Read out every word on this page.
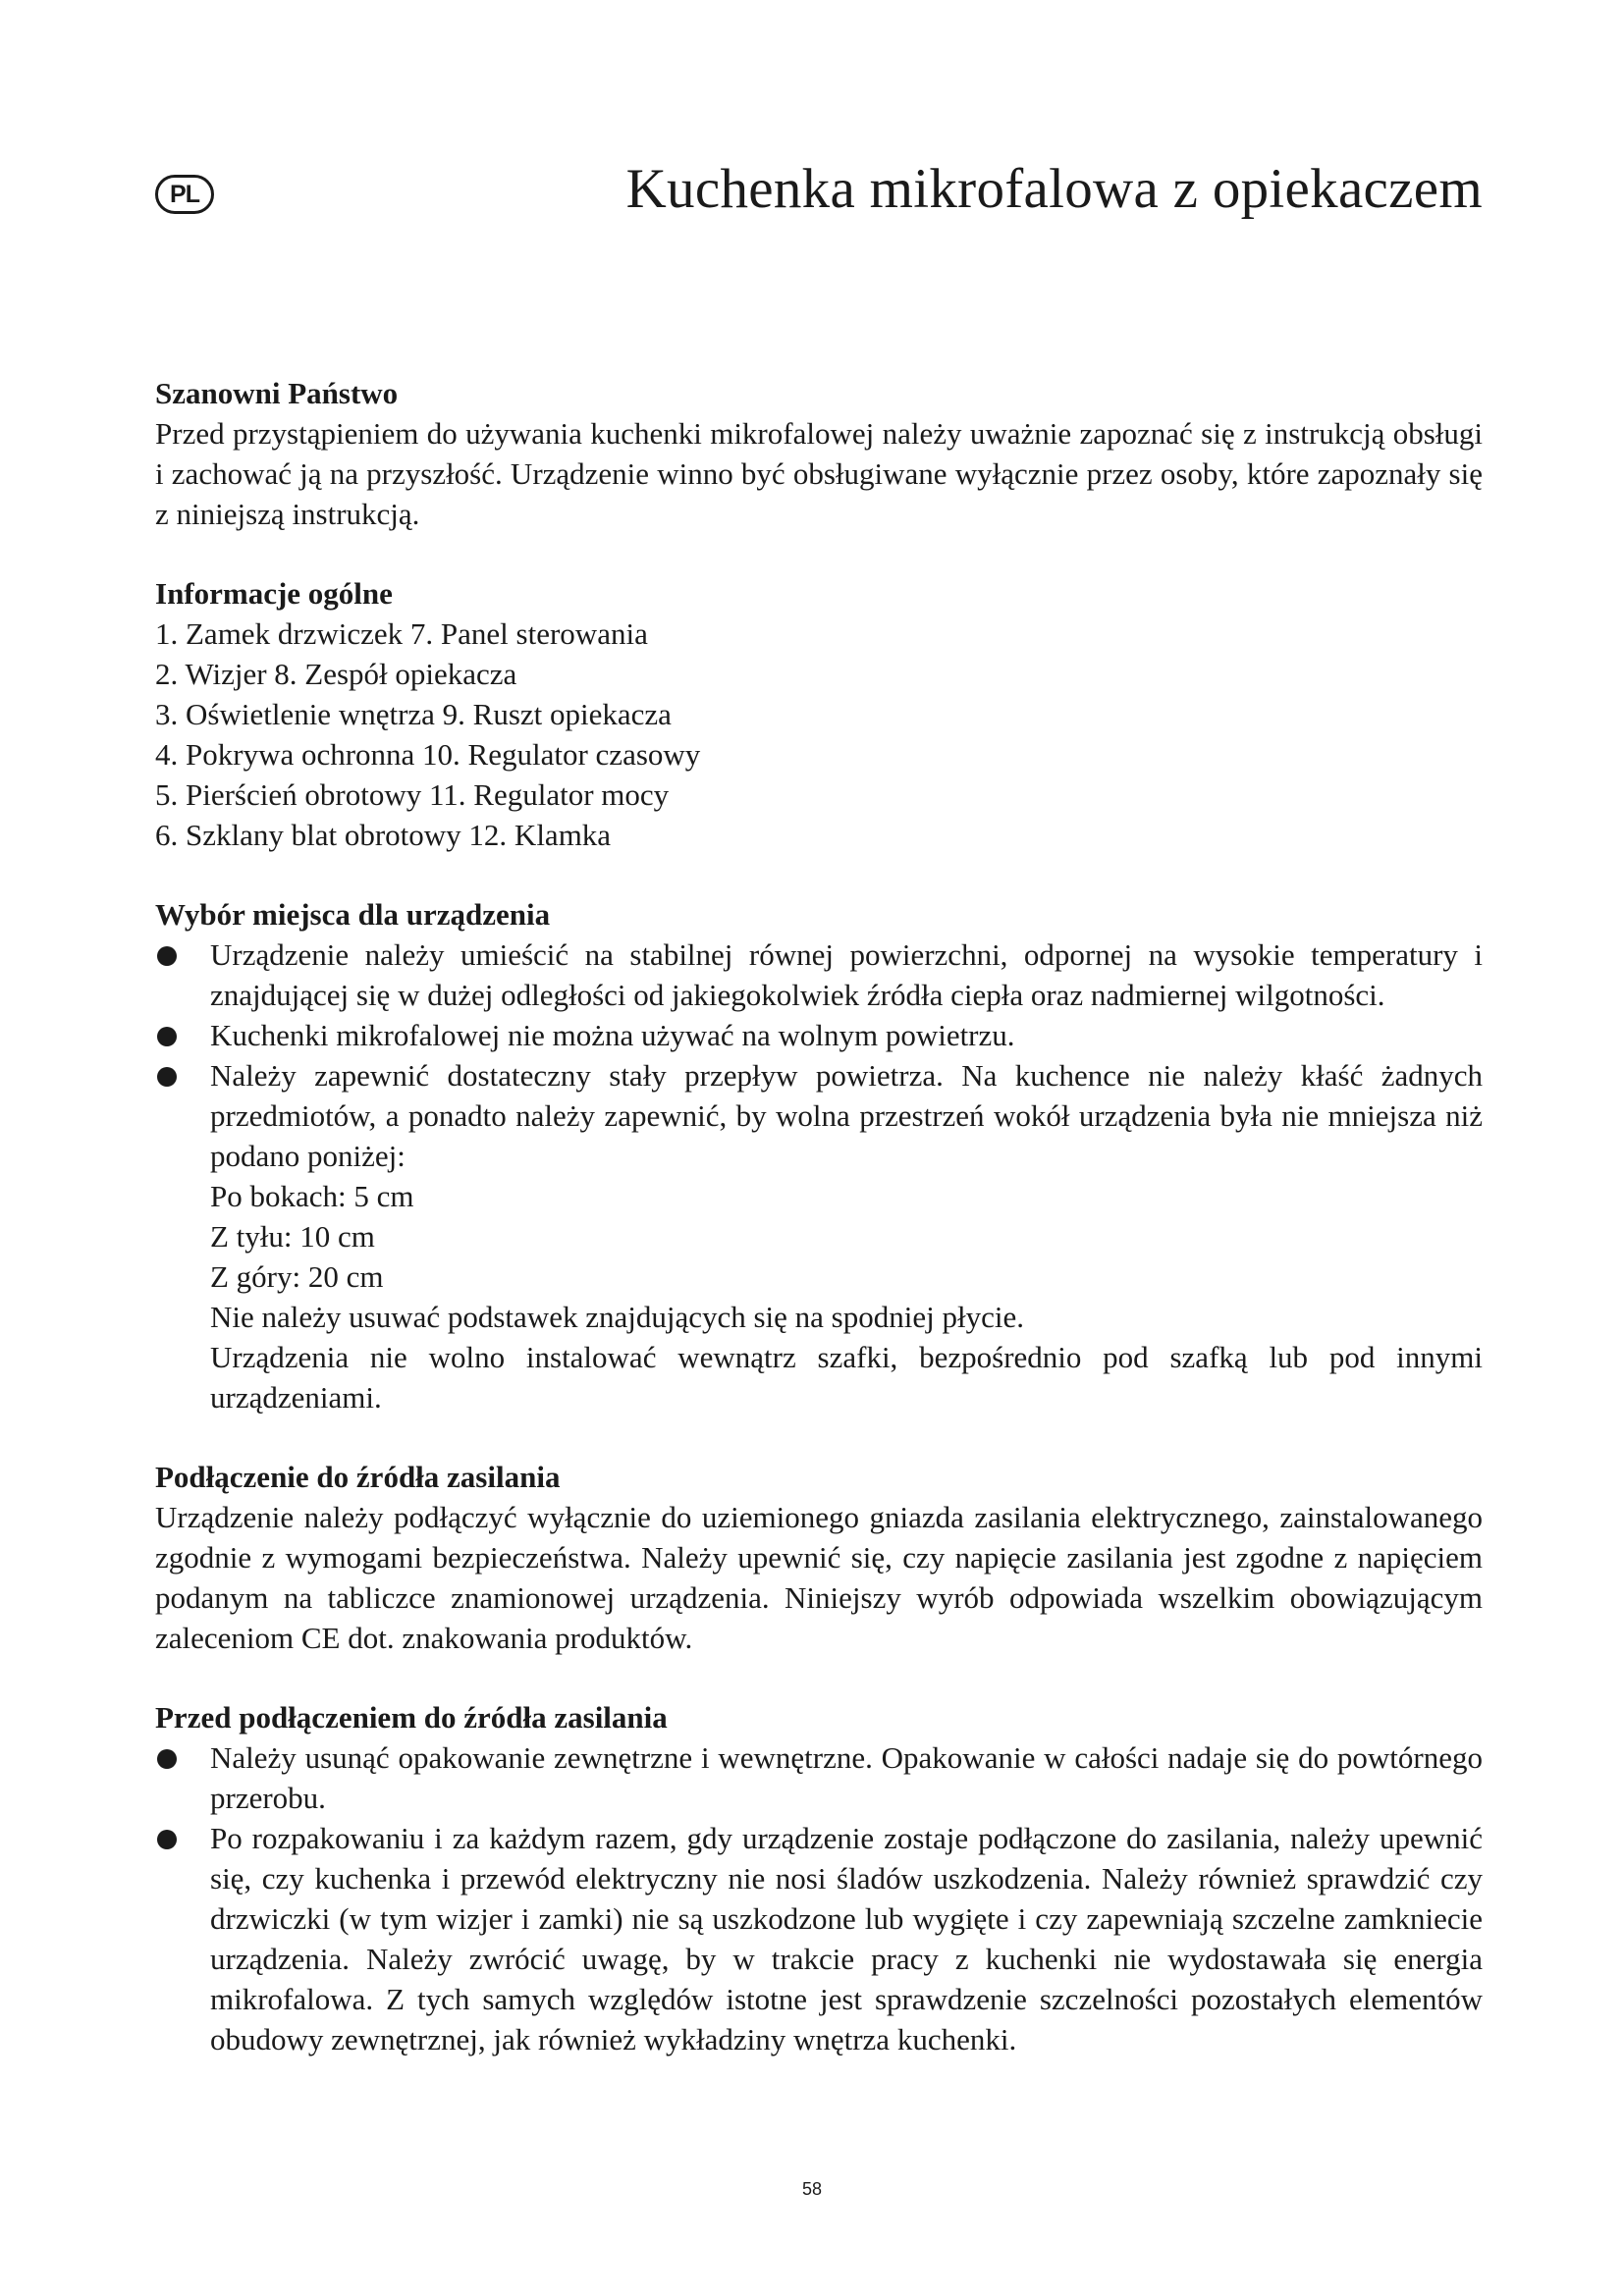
PL	Kuchenka mikrofalowa z opiekaczem
Szanowni Państwo

Przed przystąpieniem do używania kuchenki mikrofalowej należy uważnie zapoznać się z instrukcją obsługi i zachować ją na przyszłość. Urządzenie winno być obsługiwane wyłącznie przez osoby, które zapoznały się z niniejszą instrukcją.

Informacje ogólne
1. Zamek drzwiczek 7. Panel sterowania
2. Wizjer 8. Zespół opiekacza
3. Oświetlenie wnętrza 9. Ruszt opiekacza
4. Pokrywa ochronna 10. Regulator czasowy
5. Pierścień obrotowy 11. Regulator mocy
6. Szklany blat obrotowy 12. Klamka
Wybór miejsca dla urządzenia
Urządzenie należy umieścić na stabilnej równej powierzchni, odpornej na wysokie temperatury i znajdującej się w dużej odległości od jakiegokolwiek źródła ciepła oraz nadmiernej wilgotności.
Kuchenki mikrofalowej nie można używać na wolnym powietrzu.
Należy zapewnić dostateczny stały przepływ powietrza. Na kuchence nie należy kłaść żadnych przedmiotów, a ponadto należy zapewnić, by wolna przestrzeń wokół urządzenia była nie mniejsza niż podano poniżej:
Po bokach: 5 cm
Z tyłu: 10 cm
Z góry: 20 cm
Nie należy usuwać podstawek znajdujących się na spodniej płycie.
Urządzenia nie wolno instalować wewnątrz szafki, bezpośrednio pod szafką lub pod innymi urządzeniami.
Podłączenie do źródła zasilania

Urządzenie należy podłączyć wyłącznie do uziemionego gniazda zasilania elektrycznego, zainstalowanego zgodnie z wymogami bezpieczeństwa. Należy upewnić się, czy napięcie zasilania jest zgodne z napięciem podanym na tabliczce znamionowej urządzenia. Niniejszy wyrób odpowiada wszelkim obowiązującym zaleceniom CE dot. znakowania produktów.

Przed podłączeniem do źródła zasilania
Należy usunąć opakowanie zewnętrzne i wewnętrzne. Opakowanie w całości nadaje się do powtórnego przerobu.
Po rozpakowaniu i za każdym razem, gdy urządzenie zostaje podłączone do zasilania, należy upewnić się, czy kuchenka i przewód elektryczny nie nosi śladów uszkodzenia. Należy również sprawdzić czy drzwiczki (w tym wizjer i zamki) nie są uszkodzone lub wygięte i czy zapewniają szczelne zamkniecie urządzenia. Należy zwrócić uwagę, by w trakcie pracy z kuchenki nie wydostawała się energia mikrofalowa. Z tych samych względów istotne jest sprawdzenie szczelności pozostałych elementów obudowy zewnętrznej, jak również wykładziny wnętrza kuchenki.
58
